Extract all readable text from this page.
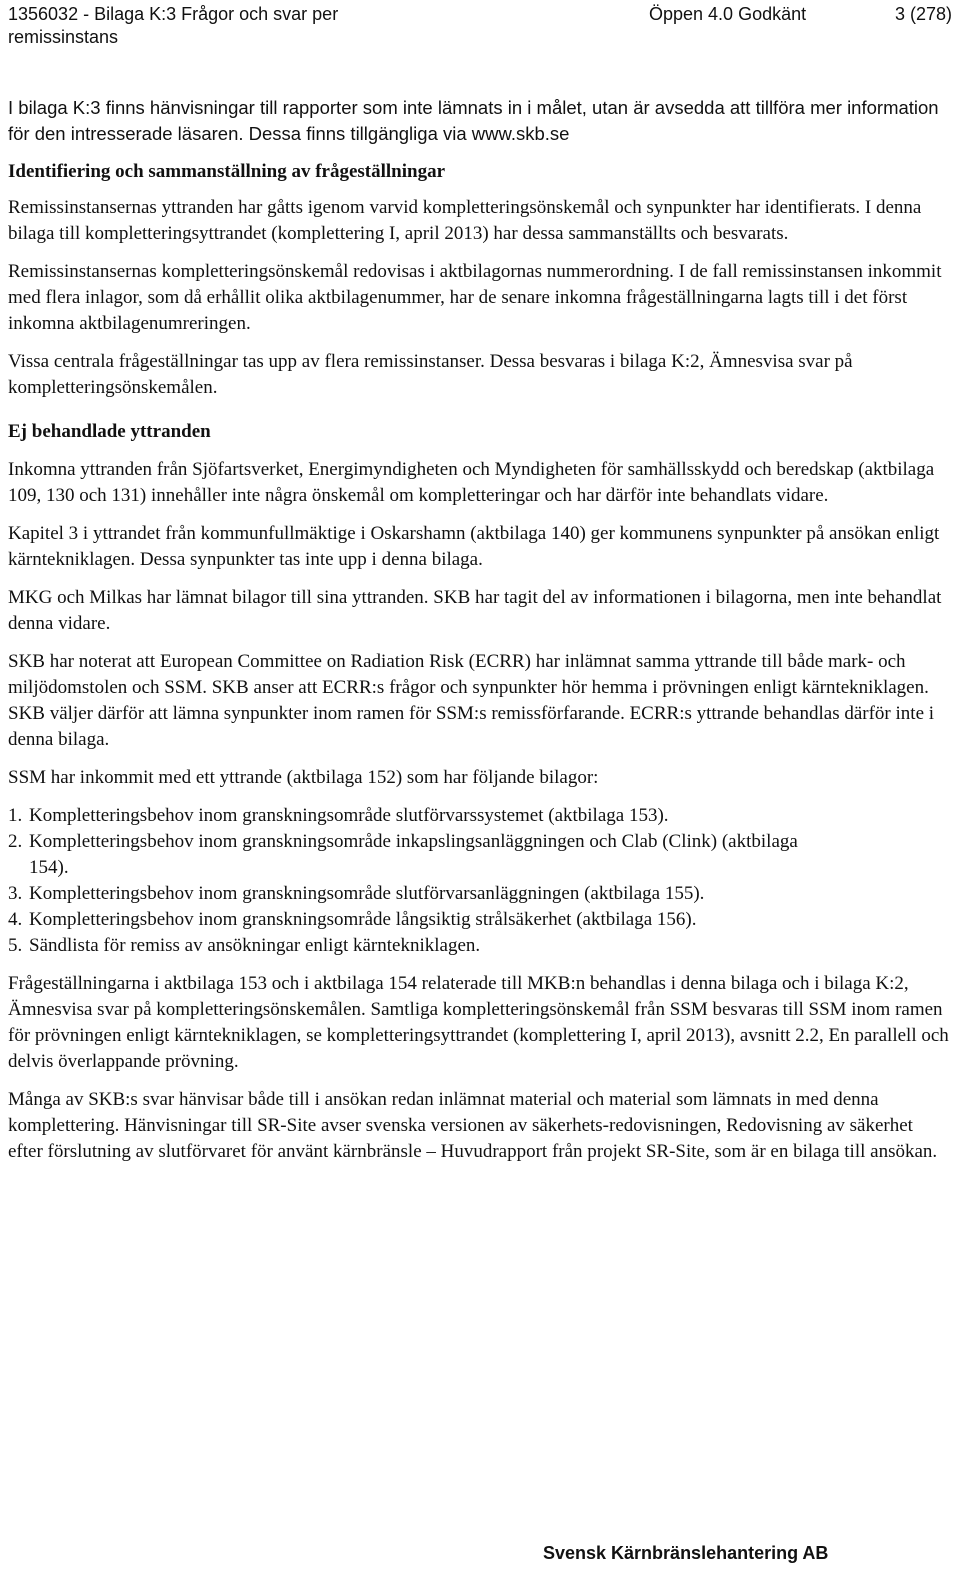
1356032 - Bilaga K:3 Frågor och svar per remissinstans
Öppen 4.0 Godkänt	3 (278)

I bilaga K:3 finns hänvisningar till rapporter som inte lämnats in i målet, utan är avsedda att tillföra mer information för den intresserade läsaren. Dessa finns tillgängliga via www.skb.se

Identifiering och sammanställning av frågeställningar

Remissinstansernas yttranden har gåtts igenom varvid kompletteringsönskemål och synpunkter har identifierats. I denna bilaga till kompletteringsyttrandet (komplettering I, april 2013) har dessa sammanställts och besvarats.

Remissinstansernas kompletteringsönskemål redovisas i aktbilagornas nummerordning. I de fall remissinstansen inkommit med flera inlagor, som då erhållit olika aktbilagenummer, har de senare inkomna frågeställningarna lagts till i det först inkomna aktbilagenumreringen.

Vissa centrala frågeställningar tas upp av flera remissinstanser. Dessa besvaras i bilaga K:2, Ämnesvisa svar på kompletteringsönskemålen.

Ej behandlade yttranden

Inkomna yttranden från Sjöfartsverket, Energimyndigheten och Myndigheten för samhällsskydd och beredskap (aktbilaga 109, 130 och 131) innehåller inte några önskemål om kompletteringar och har därför inte behandlats vidare.

Kapitel 3 i yttrandet från kommunfullmäktige i Oskarshamn (aktbilaga 140) ger kommunens synpunkter på ansökan enligt kärntekniklagen. Dessa synpunkter tas inte upp i denna bilaga.

MKG och Milkas har lämnat bilagor till sina yttranden. SKB har tagit del av informationen i bilagorna, men inte behandlat denna vidare.

SKB har noterat att European Committee on Radiation Risk (ECRR) har inlämnat samma yttrande till både mark- och miljödomstolen och SSM. SKB anser att ECRR:s frågor och synpunkter hör hemma i prövningen enligt kärntekniklagen. SKB väljer därför att lämna synpunkter inom ramen för SSM:s remissförfarande. ECRR:s yttrande behandlas därför inte i denna bilaga.

SSM har inkommit med ett yttrande (aktbilaga 152) som har följande bilagor:

1. Kompletteringsbehov inom granskningsområde slutförvarssystemet (aktbilaga 153).
2. Kompletteringsbehov inom granskningsområde inkapslingsanläggningen och Clab (Clink) (aktbilaga 154).
3. Kompletteringsbehov inom granskningsområde slutförvarsanläggningen (aktbilaga 155).
4. Kompletteringsbehov inom granskningsområde långsiktig strålsäkerhet (aktbilaga 156).
5. Sändlista för remiss av ansökningar enligt kärntekniklagen.

Frågeställningarna i aktbilaga 153 och i aktbilaga 154 relaterade till MKB:n behandlas i denna bilaga och i bilaga K:2, Ämnesvisa svar på kompletteringsönskemålen. Samtliga kompletteringsönskemål från SSM besvaras till SSM inom ramen för prövningen enligt kärntekniklagen, se kompletteringsyttrandet (komplettering I, april 2013), avsnitt 2.2, En parallell och delvis överlappande prövning.

Många av SKB:s svar hänvisar både till i ansökan redan inlämnat material och material som lämnats in med denna komplettering. Hänvisningar till SR-Site avser svenska versionen av säkerhets-redovisningen, Redovisning av säkerhet efter förslutning av slutförvaret för använt kärnbränsle – Huvudrapport från projekt SR-Site, som är en bilaga till ansökan.

Svensk Kärnbränslehantering AB
